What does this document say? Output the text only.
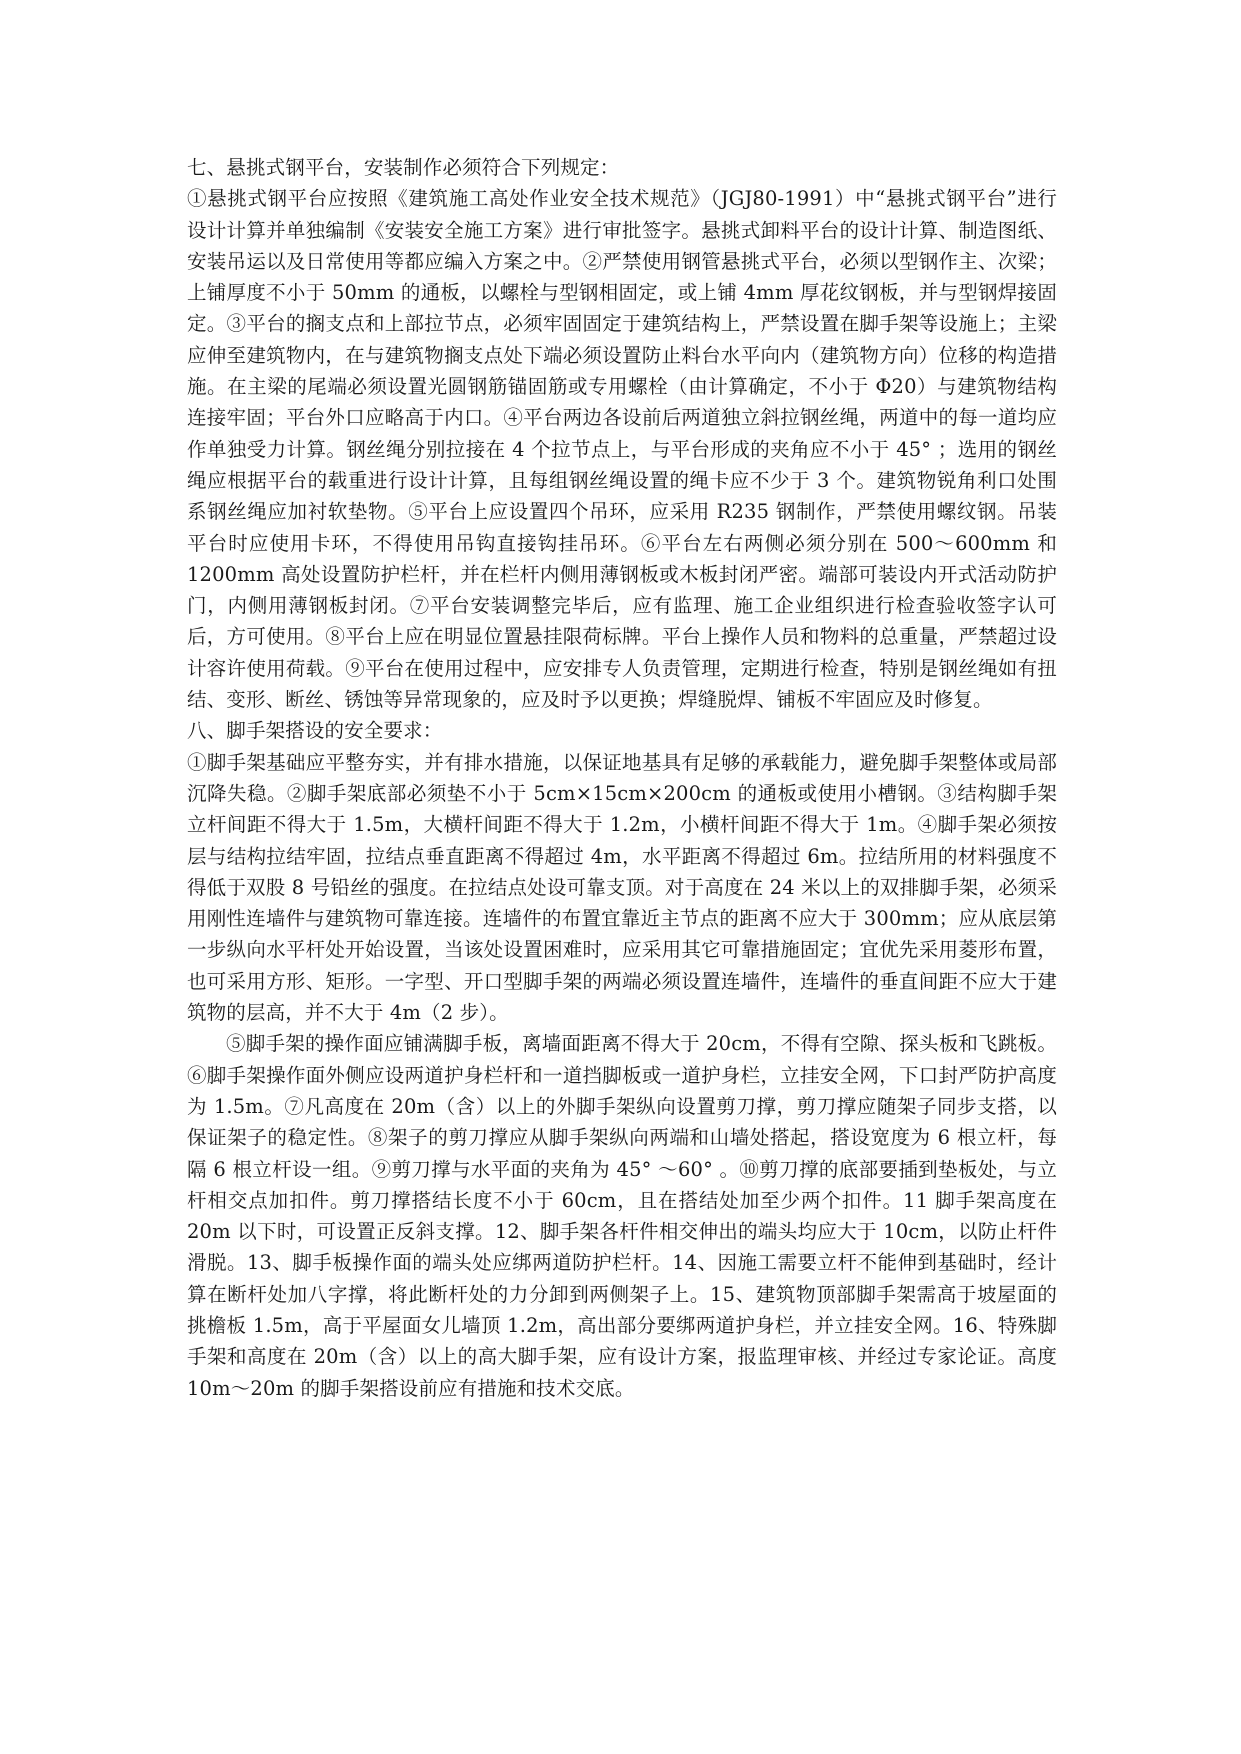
七、悬挑式钢平台，安装制作必须符合下列规定：

①悬挑式钢平台应按照《建筑施工高处作业安全技术规范》（JGJ80-1991）中“悬挑式钢平台”进行设计计算并单独编制《安装安全施工方案》进行审批签字。悬挑式卸料平台的设计计算、制造图纸、安装吊运以及日常使用等都应编入方案之中。②严禁使用钢管悬挑式平台，必须以型钢作主、次梁；上铺厚度不小于 50mm 的通板，以螺栓与型钢相固定，或上铺 4mm 厚花纹钢板，并与型钢焊接固定。③平台的搁支点和上部拉节点，必须牢固固定于建筑结构上，严禁设置在脚手架等设施上；主梁应伸至建筑物内，在与建筑物搁支点处下端必须设置防止料台水平向内（建筑物方向）位移的构造措施。在主梁的尾端必须设置光圆钢筋锚固筋或专用螺栓（由计算确定，不小于 Φ20）与建筑物结构连接牢固；平台外口应略高于内口。④平台两边各设前后两道独立斜拉钢丝绳，两道中的每一道均应作单独受力计算。钢丝绳分别拉接在 4 个拉节点上，与平台形成的夹角应不小于 45° ；选用的钢丝绳应根据平台的载重进行设计计算，且每组钢丝绳设置的绳卡应不少于 3 个。建筑物锐角利口处围系钢丝绳应加衬软垫物。⑤平台上应设置四个吊环，应采用 R235 钢制作，严禁使用螺纹钢。吊装平台时应使用卡环，不得使用吊钩直接钩挂吊环。⑥平台左右两侧必须分别在 500～600mm 和 1200mm 高处设置防护栏杆，并在栏杆内侧用薄钢板或木板封闭严密。端部可装设内开式活动防护门，内侧用薄钢板封闭。⑦平台安装调整完毕后，应有监理、施工企业组织进行检查验收签字认可后，方可使用。⑧平台上应在明显位置悬挂限荷标牌。平台上操作人员和物料的总重量，严禁超过设计容许使用荷载。⑨平台在使用过程中，应安排专人负责管理，定期进行检查，特别是钢丝绳如有扭结、变形、断丝、锈蚀等异常现象的，应及时予以更换；焊缝脱焊、铺板不牢固应及时修复。

八、脚手架搭设的安全要求：

①脚手架基础应平整夯实，并有排水措施，以保证地基具有足够的承载能力，避免脚手架整体或局部沉降失稳。②脚手架底部必须垫不小于 5cm×15cm×200cm 的通板或使用小槽钢。③结构脚手架立杆间距不得大于 1.5m，大横杆间距不得大于 1.2m，小横杆间距不得大于 1m。④脚手架必须按层与结构拉结牢固，拉结点垂直距离不得超过 4m，水平距离不得超过 6m。拉结所用的材料强度不得低于双股 8 号铅丝的强度。在拉结点处设可靠支顶。对于高度在 24 米以上的双排脚手架，必须采用刚性连墙件与建筑物可靠连接。连墙件的布置宜靠近主节点的距离不应大于 300mm；应从底层第一步纵向水平杆处开始设置，当该处设置困难时，应采用其它可靠措施固定；宜优先采用菱形布置，也可采用方形、矩形。一字型、开口型脚手架的两端必须设置连墙件，连墙件的垂直间距不应大于建筑物的层高，并不大于 4m（2 步）。

⑤脚手架的操作面应铺满脚手板，离墙面距离不得大于 20cm，不得有空隙、探头板和飞跳板。⑥脚手架操作面外侧应设两道护身栏杆和一道挡脚板或一道护身栏，立挂安全网，下口封严防护高度为 1.5m。⑦凡高度在 20m（含）以上的外脚手架纵向设置剪刀撑，剪刀撑应随架子同步支搭，以保证架子的稳定性。⑧架子的剪刀撑应从脚手架纵向两端和山墙处搭起，搭设宽度为 6 根立杆，每隔 6 根立杆设一组。⑨剪刀撑与水平面的夹角为 45° ～60° 。⑩剪刀撑的底部要插到垫板处，与立杆相交点加扣件。剪刀撑搭结长度不小于 60cm，且在搭结处加至少两个扣件。11 脚手架高度在 20m 以下时，可设置正反斜支撑。12、脚手架各杆件相交伸出的端头均应大于 10cm，以防止杆件滑脱。13、脚手板操作面的端头处应绑两道防护栏杆。14、因施工需要立杆不能伸到基础时，经计算在断杆处加八字撑，将此断杆处的力分卸到两侧架子上。15、建筑物顶部脚手架需高于坡屋面的挑檐板 1.5m，高于平屋面女儿墙顶 1.2m，高出部分要绑两道护身栏，并立挂安全网。16、特殊脚手架和高度在 20m（含）以上的高大脚手架，应有设计方案，报监理审核、并经过专家论证。高度 10m～20m 的脚手架搭设前应有措施和技术交底。
